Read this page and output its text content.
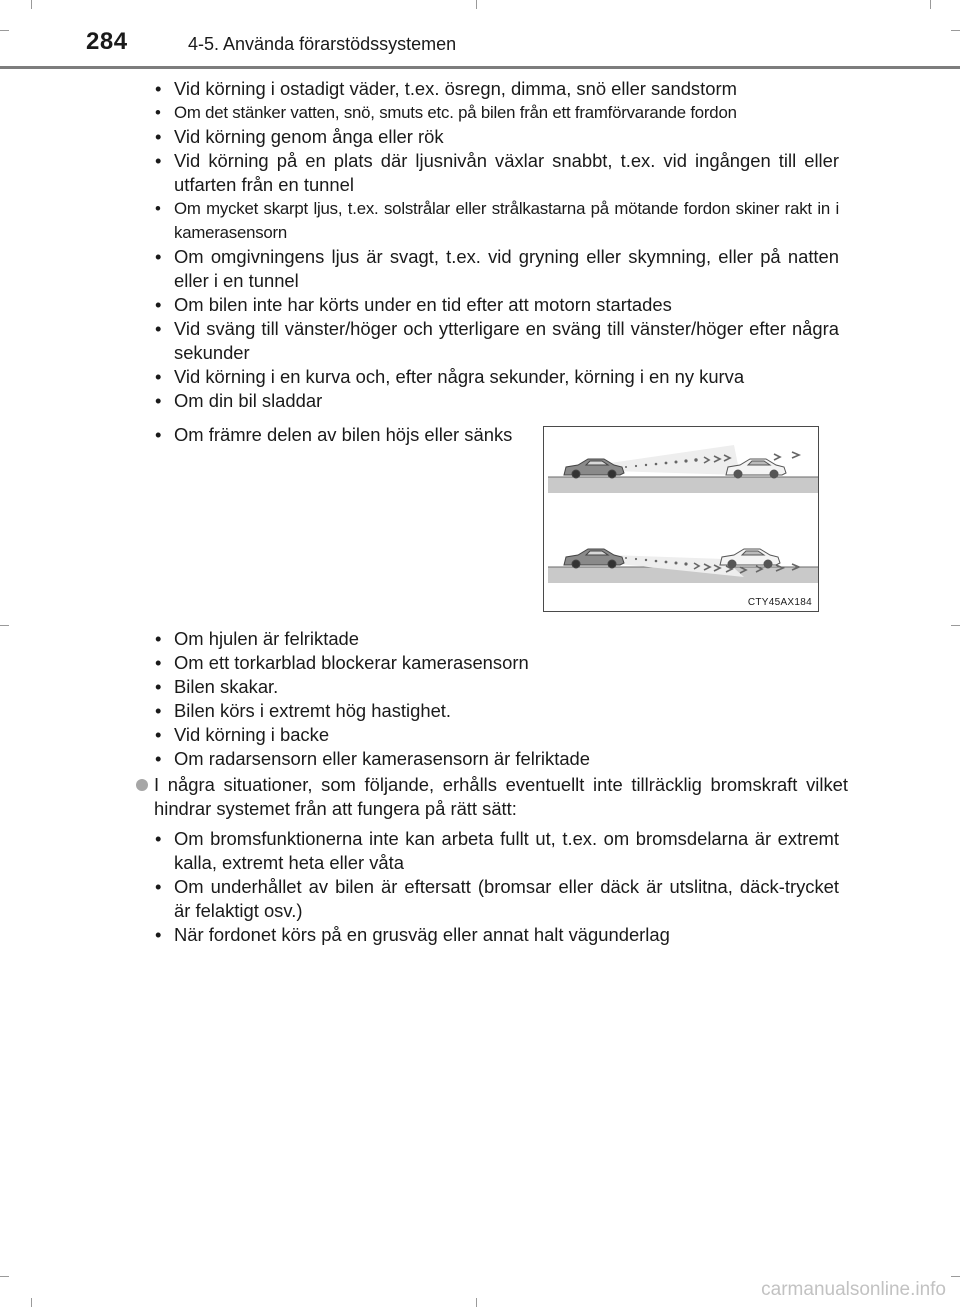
284	4-5. Använda förarstödssystemen
• Vid körning i ostadigt väder, t.ex. ösregn, dimma, snö eller sandstorm
• Om det stänker vatten, snö, smuts etc. på bilen från ett framförvarande fordon
• Vid körning genom ånga eller rök
• Vid körning på en plats där ljusnivån växlar snabbt, t.ex. vid ingången till eller utfarten från en tunnel
• Om mycket skarpt ljus, t.ex. solstrålar eller strålkastarna på mötande fordon skiner rakt in i kamerasensorn
• Om omgivningens ljus är svagt, t.ex. vid gryning eller skymning, eller på natten eller i en tunnel
• Om bilen inte har körts under en tid efter att motorn startades
• Vid sväng till vänster/höger och ytterligare en sväng till vänster/höger efter några sekunder
• Vid körning i en kurva och, efter några sekunder, körning i en ny kurva
• Om din bil sladdar
• Om främre delen av bilen höjs eller sänks
CTY45AX184
• Om hjulen är felriktade
• Om ett torkarblad blockerar kamerasensorn
• Bilen skakar.
• Bilen körs i extremt hög hastighet.
• Vid körning i backe
• Om radarsensorn eller kamerasensorn är felriktade
I några situationer, som följande, erhålls eventuellt inte tillräcklig bromskraft vilket hindrar systemet från att fungera på rätt sätt:
• Om bromsfunktionerna inte kan arbeta fullt ut, t.ex. om bromsdelarna är extremt kalla, extremt heta eller våta
• Om underhållet av bilen är eftersatt (bromsar eller däck är utslitna, däck-trycket är felaktigt osv.)
• När fordonet körs på en grusväg eller annat halt vägunderlag
carmanualsonline.info
